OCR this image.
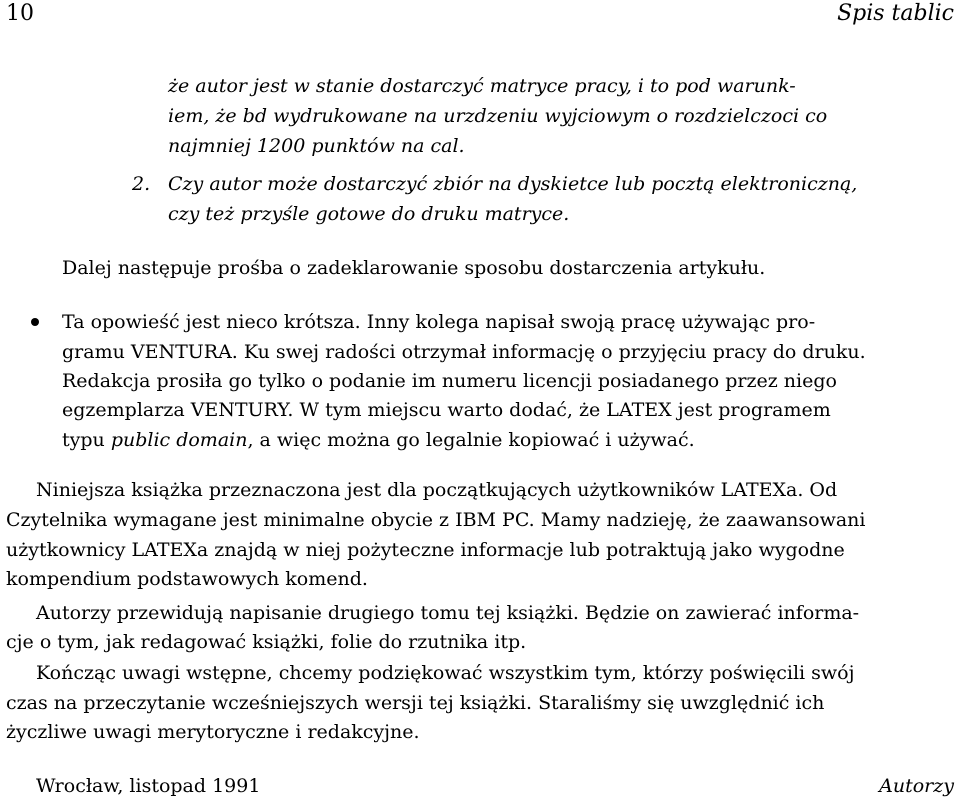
10	Spis tablic
że autor jest w stanie dostarczyć matryce pracy, i to pod warunk-
iem, że bd wydrukowane na urzdzeniu wyjciowym o rozdzielczoci co
najmniej 1200 punktów na cal.
2. Czy autor może dostarczyć zbiór na dyskietce lub pocztą elektroniczną,
czy też przyśle gotowe do druku matryce.
Dalej następuje prośba o zadeklarowanie sposobu dostarczenia artykułu.
Ta opowieść jest nieco krótsza. Inny kolega napisał swoją pracę używając pro-
gramu VENTURA. Ku swej radości otrzymał informację o przyjęciu pracy do druku.
Redakcja prosiła go tylko o podanie im numeru licencji posiadanego przez niego
egzemplarza VENTURY. W tym miejscu warto dodać, że LATEX jest programem
typu public domain, a więc można go legalnie kopiować i używać.
Niniejsza książka przeznaczona jest dla początkujących użytkowników LATEXa. Od
Czytelnika wymagane jest minimalne obycie z IBM PC. Mamy nadzieję, że zaawansowani
użytkownicy LATEXa znajdą w niej pożyteczne informacje lub potraktują jako wygodne
kompendium podstawowych komend.
Autorzy przewidują napisanie drugiego tomu tej książki. Będzie on zawierać informa-
cje o tym, jak redagować książki, folie do rzutnika itp.
Kończąc uwagi wstępne, chcemy podziękować wszystkim tym, którzy poświęcili swój
czas na przeczytanie wcześniejszych wersji tej książki. Staraliśmy się uwzględnić ich
życzliwe uwagi merytoryczne i redakcyjne.
Wrocław, listopad 1991	Autorzy
